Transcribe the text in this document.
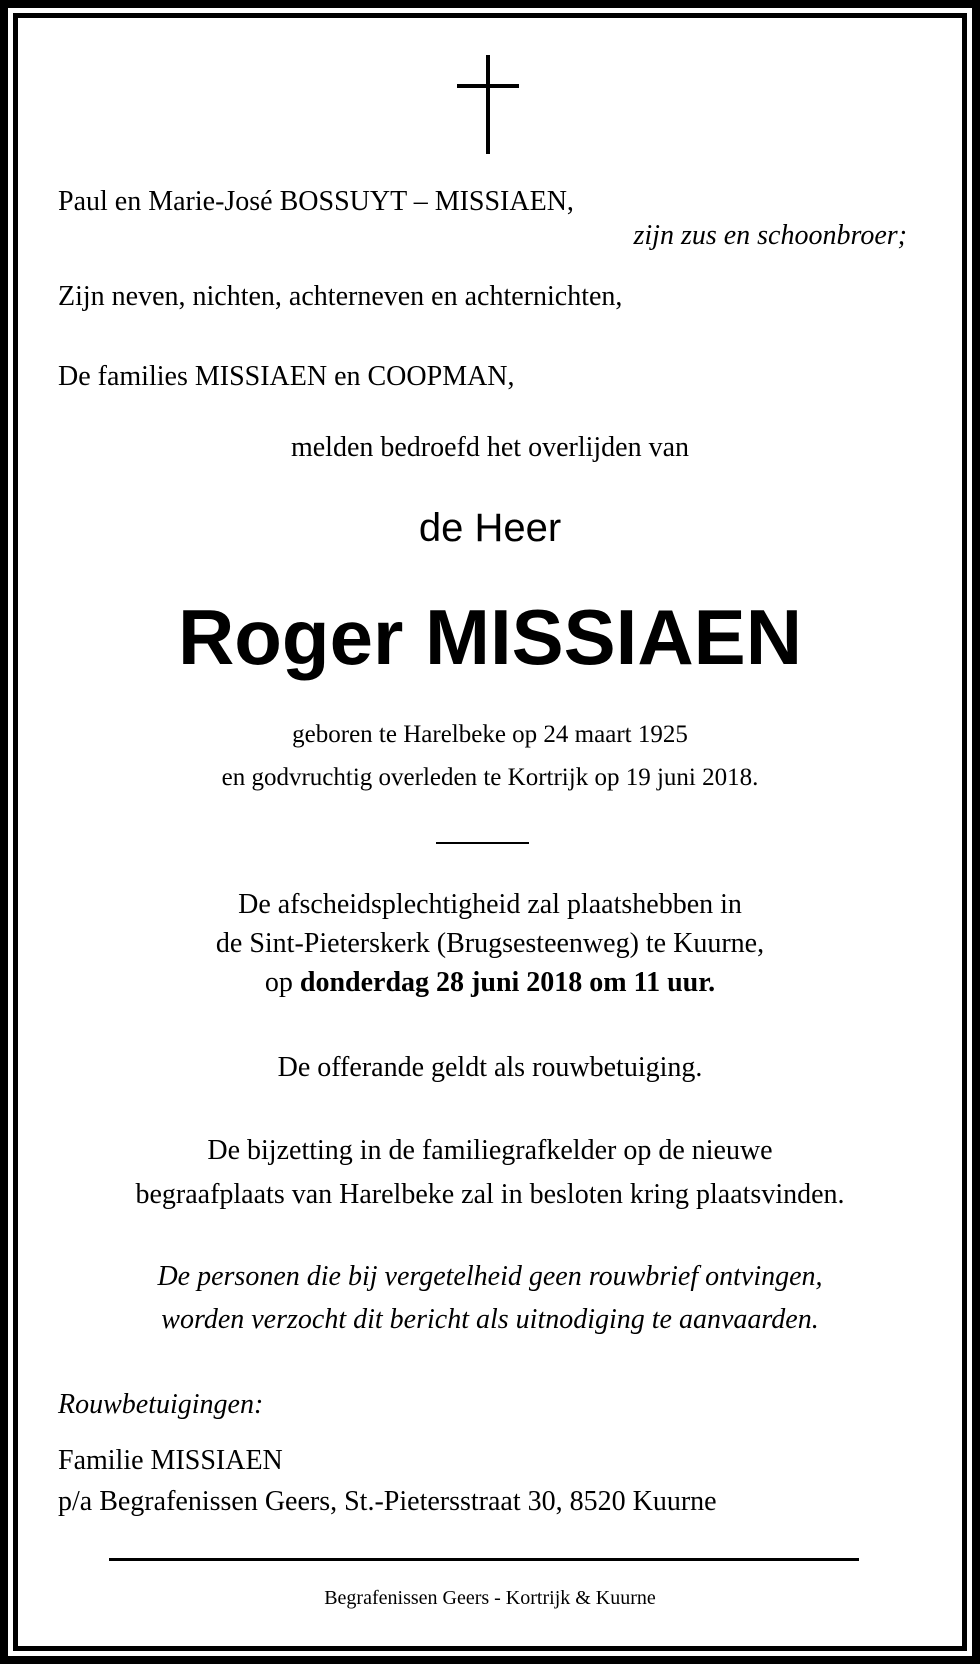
Paul en Marie-José BOSSUYT – MISSIAEN,
zijn zus en schoonbroer;
Zijn neven, nichten, achterneven en achternichten,
De families MISSIAEN en COOPMAN,
melden bedroefd het overlijden van
de Heer
Roger MISSIAEN
geboren te Harelbeke op 24 maart 1925
en godvruchtig overleden te Kortrijk op 19 juni 2018.
De afscheidsplechtigheid zal plaatshebben in
de Sint-Pieterskerk (Brugsesteenweg) te Kuurne,
op donderdag 28 juni 2018 om 11 uur.
De offerande geldt als rouwbetuiging.
De bijzetting in de familiegrafkelder op de nieuwe
begraafplaats van Harelbeke zal in besloten kring plaatsvinden.
De personen die bij vergetelheid geen rouwbrief ontvingen,
worden verzocht dit bericht als uitnodiging te aanvaarden.
Rouwbetuigingen:
Familie MISSIAEN
p/a Begrafenissen Geers, St.-Pietersstraat 30, 8520 Kuurne
Begrafenissen Geers - Kortrijk & Kuurne
